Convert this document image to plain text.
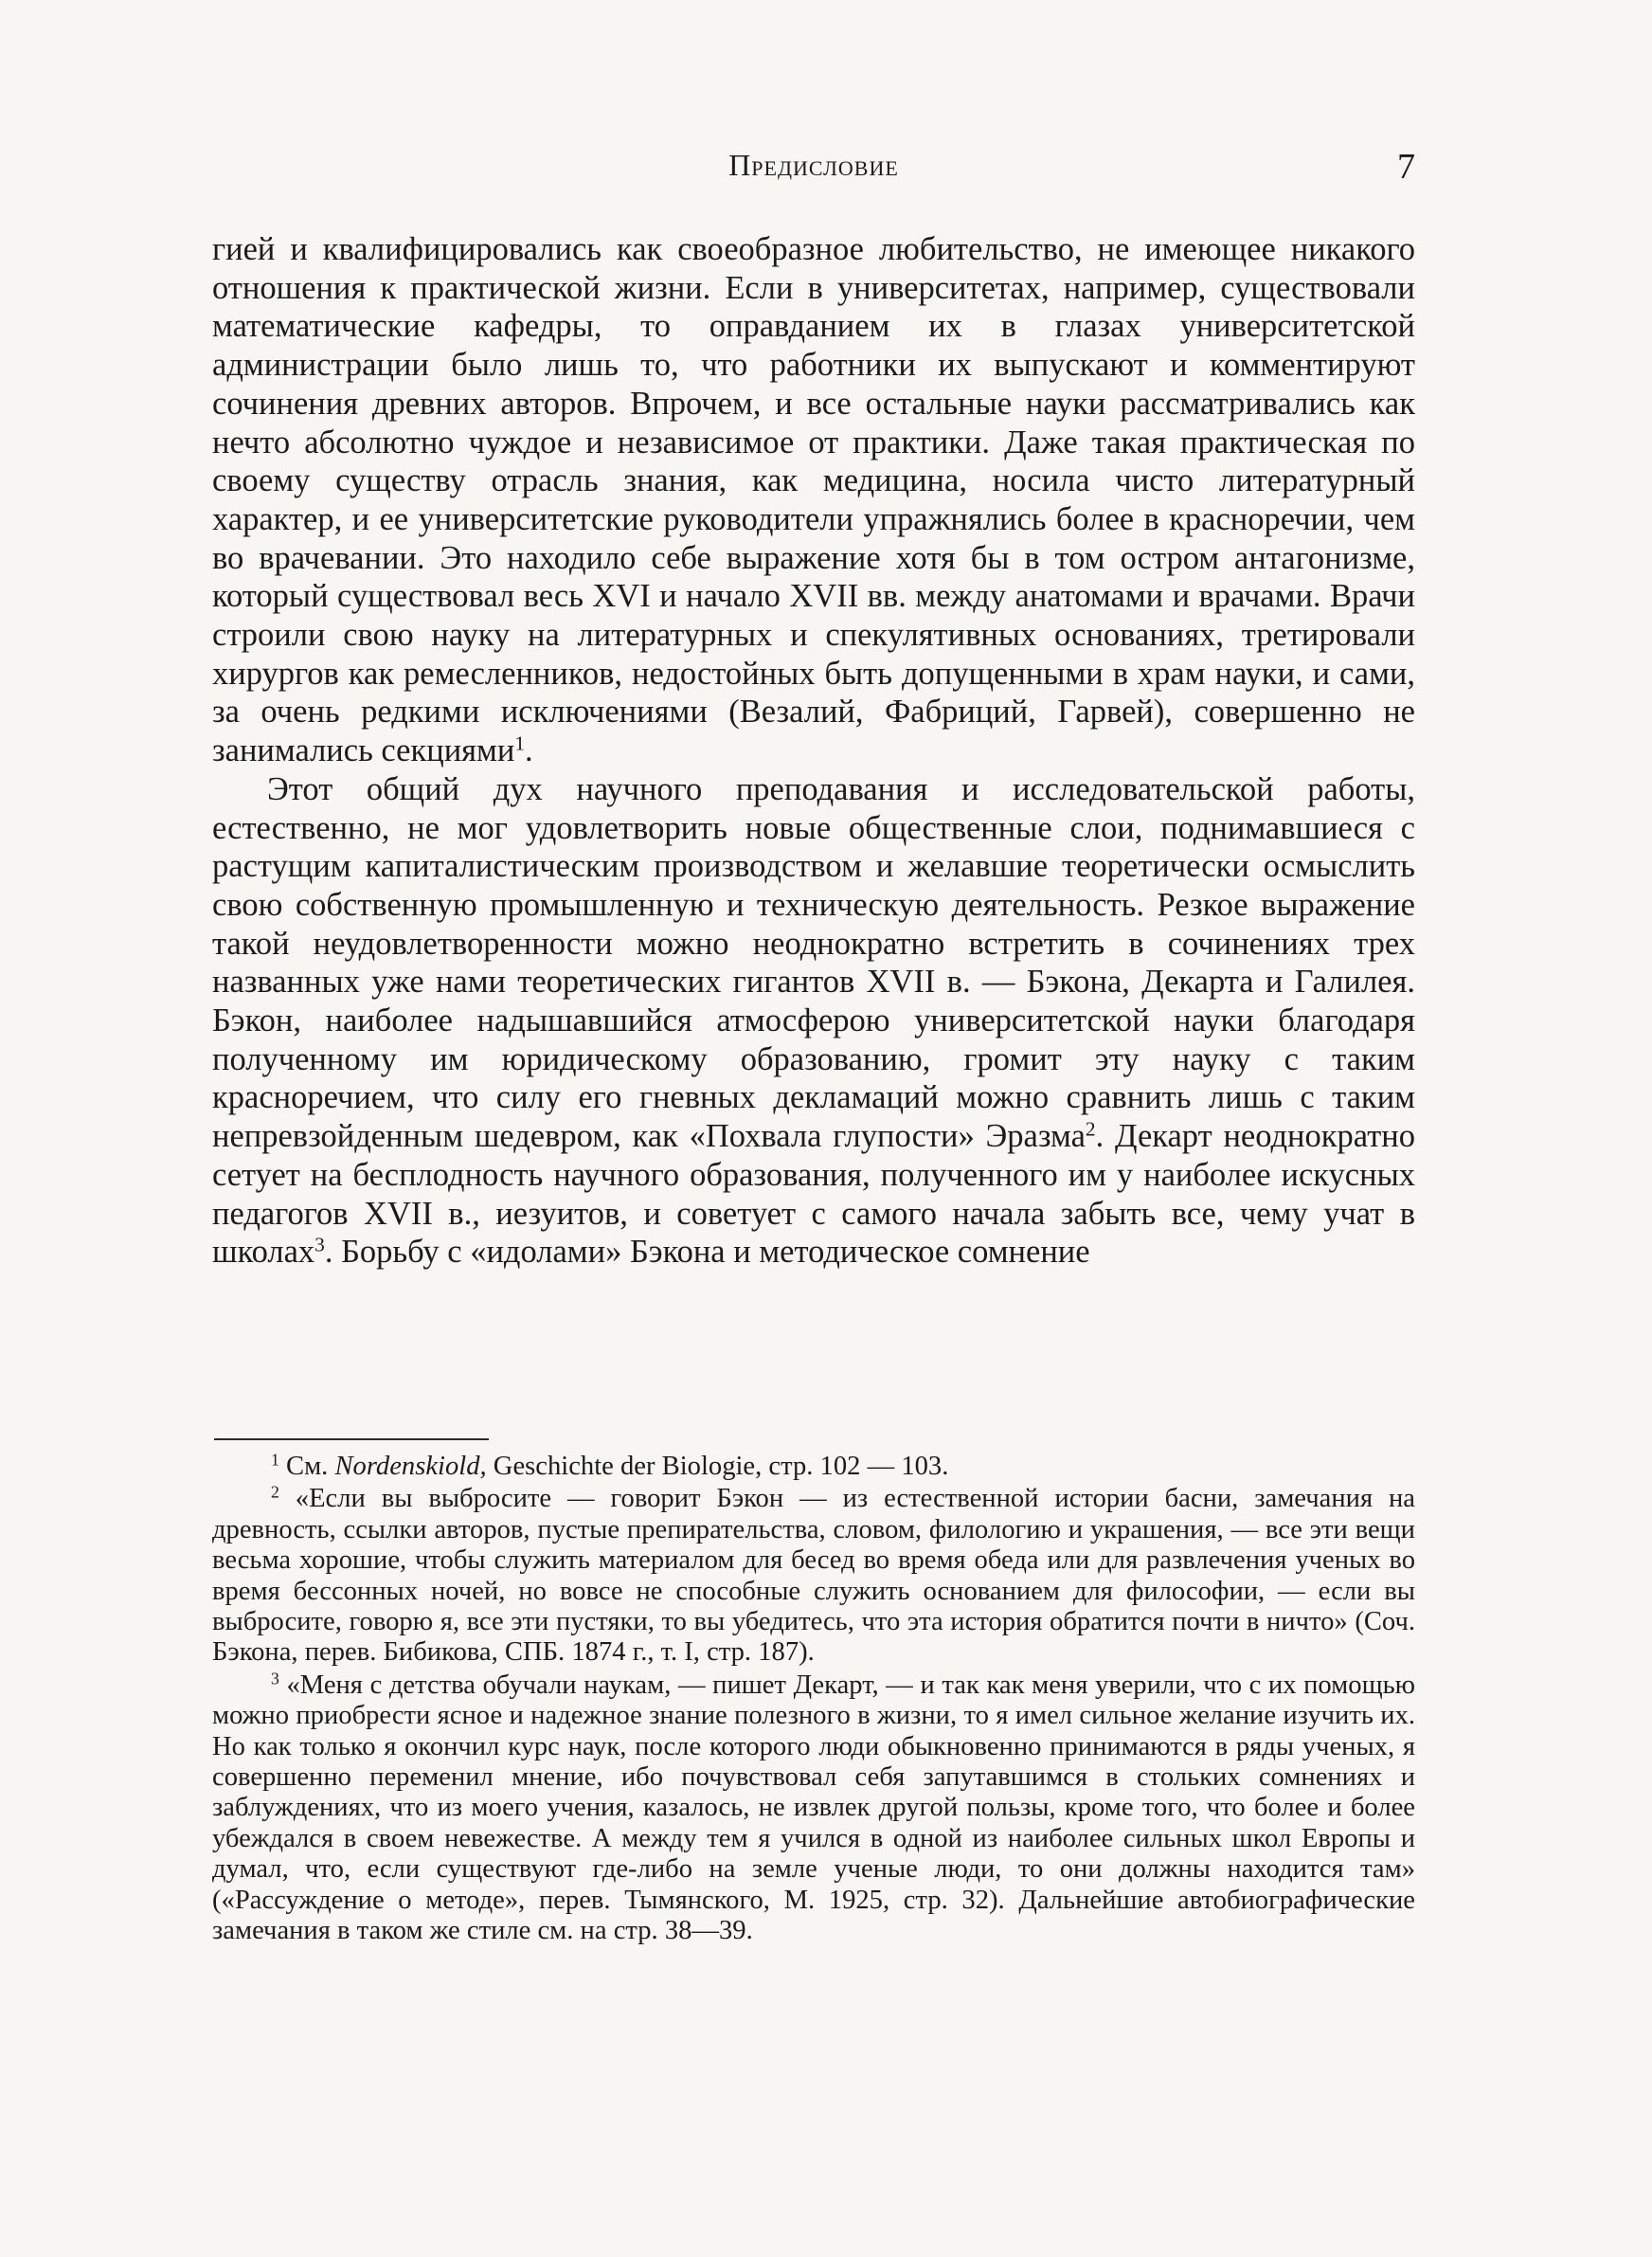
Предисловие	7

гией и квалифицировались как своеобразное любительство, не имеющее никакого отношения к практической жизни. Если в университетах, например, существовали математические кафедры, то оправданием их в глазах университетской администрации было лишь то, что работники их выпускают и комментируют сочинения древних авторов. Впрочем, и все остальные науки рассматривались как нечто абсолютно чуждое и независимое от практики. Даже такая практическая по своему существу отрасль знания, как медицина, носила чисто литературный характер, и ее университетские руководители упражнялись более в красноречии, чем во врачевании. Это находило себе выражение хотя бы в том остром антагонизме, который существовал весь XVI и начало XVII вв. между анатомами и врачами. Врачи строили свою науку на литературных и спекулятивных основаниях, третировали хирургов как ремесленников, недостойных быть допущенными в храм науки, и сами, за очень редкими исключениями (Везалий, Фабриций, Гарвей), совершенно не занимались секциями$^1$.

Этот общий дух научного преподавания и исследовательской работы, естественно, не мог удовлетворить новые общественные слои, поднимавшиеся с растущим капиталистическим производством и желавшие теоретически осмыслить свою собственную промышленную и техническую деятельность. Резкое выражение такой неудовлетворенности можно неоднократно встретить в сочинениях трех названных уже нами теоретических гигантов XVII в. — Бэкона, Декарта и Галилея. Бэкон, наиболее надышавшийся атмосферою университетской науки благодаря полученному им юридическому образованию, громит эту науку с таким красноречием, что силу его гневных декламаций можно сравнить лишь с таким непревзойденным шедевром, как «Похвала глупости» Эразма$^2$. Декарт неоднократно сетует на бесплодность научного образования, полученного им у наиболее искусных педагогов XVII в., иезуитов, и советует с самого начала забыть все, чему учат в школах$^3$. Борьбу с «идолами» Бэкона и методическое сомнение

$^1$ См. Nordenskiold, Geschichte der Biologie, стр. 102 — 103.

$^2$ «Если вы выбросите — говорит Бэкон — из естественной истории басни, замечания на древность, ссылки авторов, пустые препирательства, словом, филологию и украшения, — все эти вещи весьма хорошие, чтобы служить материалом для бесед во время обеда или для развлечения ученых во время бессонных ночей, но вовсе не способные служить основанием для философии, — если вы выбросите, говорю я, все эти пустяки, то вы убедитесь, что эта история обратится почти в ничто» (Соч. Бэкона, перев. Бибикова, СПБ. 1874 г., т. I, стр. 187).

$^3$ «Меня с детства обучали наукам, — пишет Декарт, — и так как меня уверили, что с их помощью можно приобрести ясное и надежное знание полезного в жизни, то я имел сильное желание изучить их. Но как только я окончил курс наук, после которого люди обыкновенно принимаются в ряды ученых, я совершенно переменил мнение, ибо почувствовал себя запутавшимся в стольких сомнениях и заблуждениях, что из моего учения, казалось, не извлек другой пользы, кроме того, что более и более убеждался в своем невежестве. А между тем я учился в одной из наиболее сильных школ Европы и думал, что, если существуют где-либо на земле ученые люди, то они должны находится там» («Рассуждение о методе», перев. Тымянского, М. 1925, стр. 32). Дальнейшие автобиографические замечания в таком же стиле см. на стр. 38—39.
